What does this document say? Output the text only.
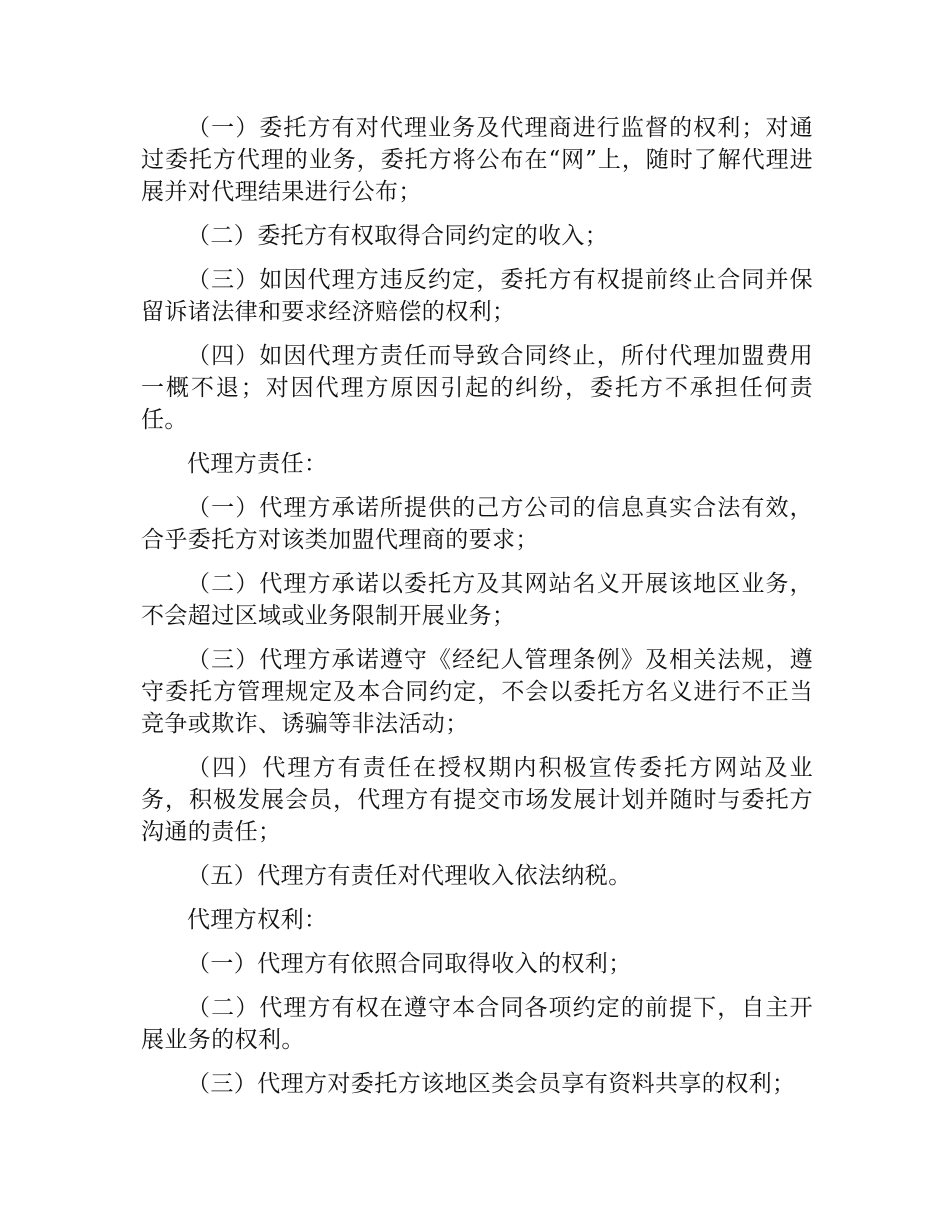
（一）委托方有对代理业务及代理商进行监督的权利；对通过委托方代理的业务，委托方将公布在“网”上，随时了解代理进展并对代理结果进行公布；

（二）委托方有权取得合同约定的收入；

（三）如因代理方违反约定，委托方有权提前终止合同并保留诉诸法律和要求经济赔偿的权利；

（四）如因代理方责任而导致合同终止，所付代理加盟费用一概不退；对因代理方原因引起的纠纷，委托方不承担任何责任。

代理方责任：

（一）代理方承诺所提供的己方公司的信息真实合法有效，合乎委托方对该类加盟代理商的要求；

（二）代理方承诺以委托方及其网站名义开展该地区业务，不会超过区域或业务限制开展业务；

（三）代理方承诺遵守《经纪人管理条例》及相关法规，遵守委托方管理规定及本合同约定，不会以委托方名义进行不正当竞争或欺诈、诱骗等非法活动；

（四）代理方有责任在授权期内积极宣传委托方网站及业务，积极发展会员，代理方有提交市场发展计划并随时与委托方沟通的责任；

（五）代理方有责任对代理收入依法纳税。

代理方权利：

（一）代理方有依照合同取得收入的权利；

（二）代理方有权在遵守本合同各项约定的前提下，自主开展业务的权利。

（三）代理方对委托方该地区类会员享有资料共享的权利；
